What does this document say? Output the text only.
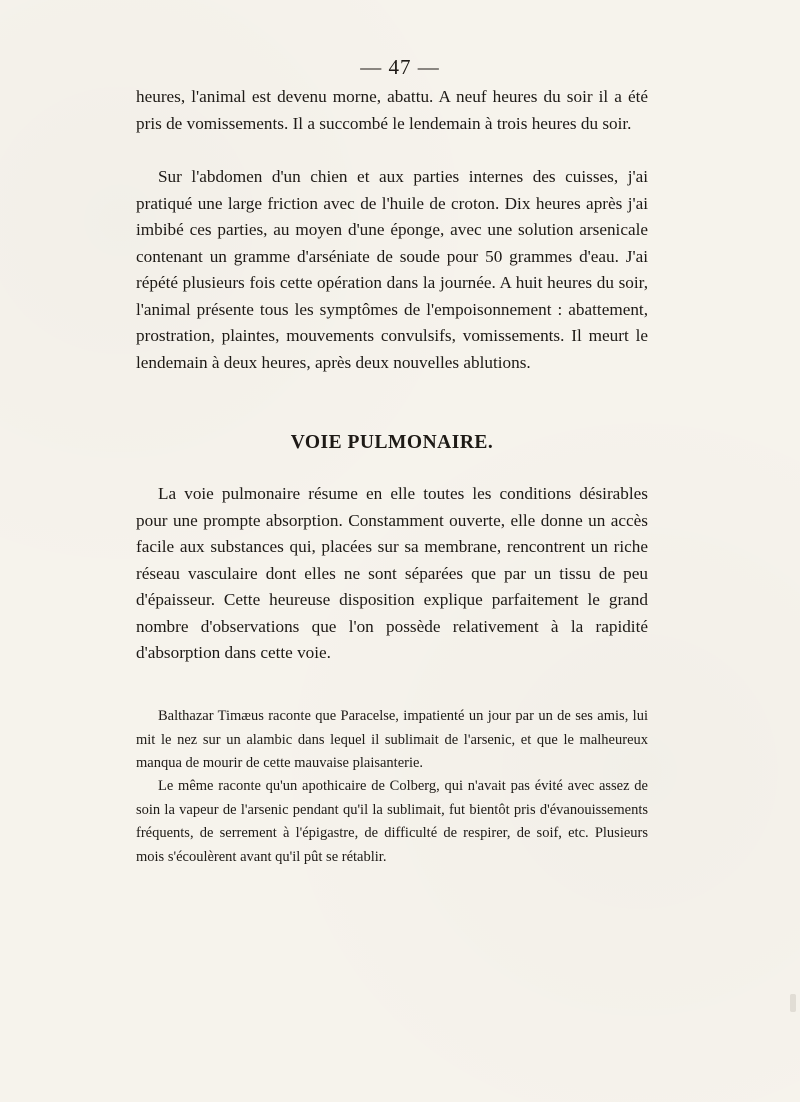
— 47 —

heures, l'animal est devenu morne, abattu. A neuf heures du soir il a été pris de vomissements. Il a succombé le lendemain à trois heures du soir.

Sur l'abdomen d'un chien et aux parties internes des cuisses, j'ai pratiqué une large friction avec de l'huile de croton. Dix heures après j'ai imbibé ces parties, au moyen d'une éponge, avec une solution arsenicale contenant un gramme d'arséniate de soude pour 50 grammes d'eau. J'ai répété plusieurs fois cette opération dans la journée. A huit heures du soir, l'animal présente tous les symptômes de l'empoisonnement : abattement, prostration, plaintes, mouvements convulsifs, vomissements. Il meurt le lendemain à deux heures, après deux nouvelles ablutions.

VOIE PULMONAIRE.

La voie pulmonaire résume en elle toutes les conditions désirables pour une prompte absorption. Constamment ouverte, elle donne un accès facile aux substances qui, placées sur sa membrane, rencontrent un riche réseau vasculaire dont elles ne sont séparées que par un tissu de peu d'épaisseur. Cette heureuse disposition explique parfaitement le grand nombre d'observations que l'on possède relativement à la rapidité d'absorption dans cette voie.

Balthazar Timæus raconte que Paracelse, impatienté un jour par un de ses amis, lui mit le nez sur un alambic dans lequel il sublimait de l'arsenic, et que le malheureux manqua de mourir de cette mauvaise plaisanterie.

Le même raconte qu'un apothicaire de Colberg, qui n'avait pas évité avec assez de soin la vapeur de l'arsenic pendant qu'il la sublimait, fut bientôt pris d'évanouissements fréquents, de serrement à l'épigastre, de difficulté de respirer, de soif, etc. Plusieurs mois s'écoulèrent avant qu'il pût se rétablir.
